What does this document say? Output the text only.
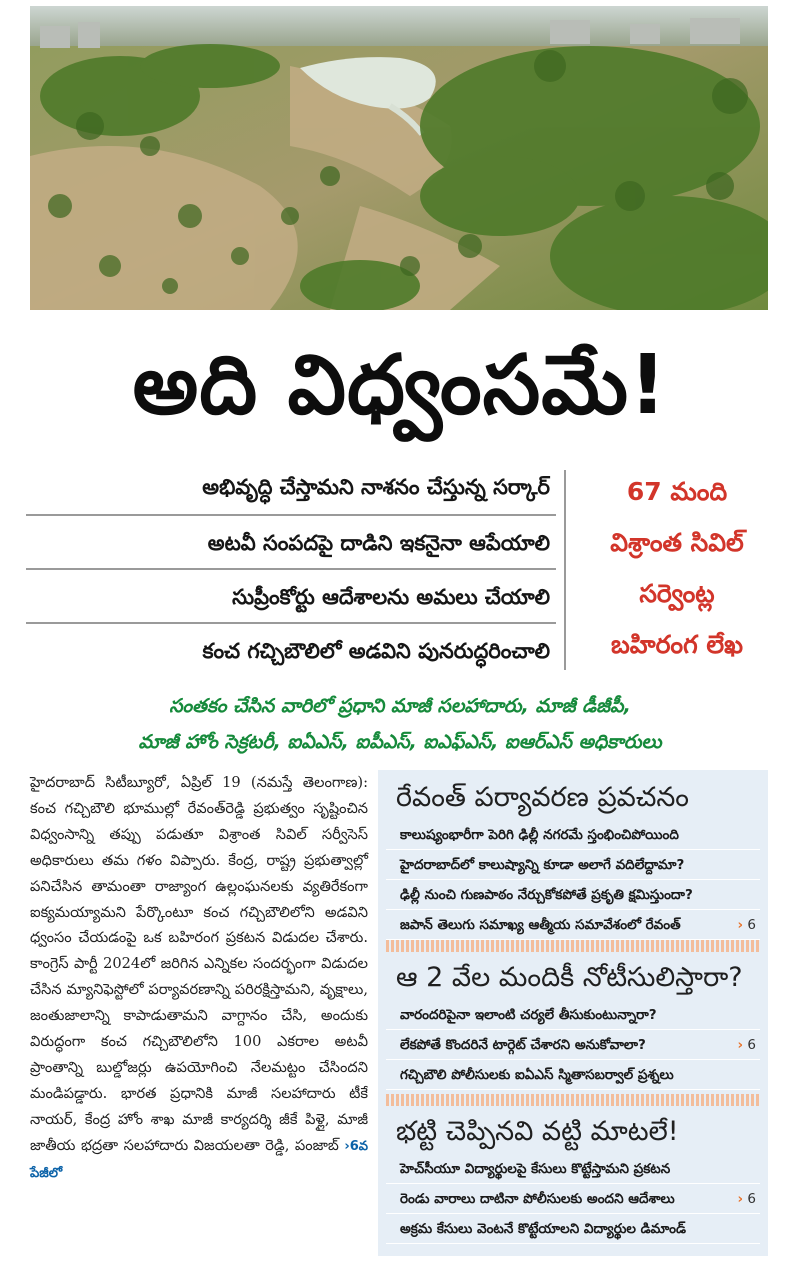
అది విధ్వంసమే!
అభివృద్ధి చేస్తామని నాశనం చేస్తున్న సర్కార్
అటవీ సంపదపై దాడిని ఇకనైనా ఆపేయాలి
సుప్రీంకోర్టు ఆదేశాలను అమలు చేయాలి
కంచ గచ్చిబౌలిలో అడవిని పునరుద్ధరించాలి
67 మంది
విశ్రాంత సివిల్
సర్వెంట్ల
బహిరంగ లేఖ
సంతకం చేసిన వారిలో ప్రధాని మాజీ సలహాదారు, మాజీ డీజీపీ,
మాజీ హోం సెక్రటరీ, ఐఏఎస్, ఐపీఎస్, ఐఎఫ్ఎస్, ఐఆర్ఎస్ అధికారులు

హైదరాబాద్ సిటీబ్యూరో, ఏప్రిల్ 19 (నమస్తే తెలంగాణ): కంచ గచ్చిబౌలి భూముల్లో రేవంత్‌రెడ్డి ప్రభుత్వం సృష్టించిన విధ్వంసాన్ని తప్పు పడుతూ విశ్రాంత సివిల్ సర్వీసెస్ అధికారులు తమ గళం విప్పారు. కేంద్ర, రాష్ట్ర ప్రభుత్వాల్లో పనిచేసిన తామంతా రాజ్యాంగ ఉల్లంఘనలకు వ్యతిరేకంగా ఐక్యమయ్యామని పేర్కొంటూ కంచ గచ్చిబౌలిలోని అడవిని ధ్వంసం చేయడంపై ఒక బహిరంగ ప్రకటన విడుదల చేశారు. కాంగ్రెస్ పార్టీ 2024లో జరిగిన ఎన్నికల సందర్భంగా విడుదల చేసిన మ్యానిఫెస్టోలో పర్యావరణాన్ని పరిరక్షిస్తామని, వృక్షాలు, జంతుజాలాన్ని కాపాడుతామని వాగ్దానం చేసి, అందుకు విరుద్ధంగా కంచ గచ్చిబౌలిలోని 100 ఎకరాల అటవీ ప్రాంతాన్ని బుల్డోజర్లు ఉపయోగించి నేలమట్టం చేసిందని మండిపడ్డారు. భారత ప్రధానికి మాజీ సలహాదారు టీకే నాయర్, కేంద్ర హోం శాఖ మాజీ కార్యదర్శి జీకే పిళ్లై, మాజీ జాతీయ భద్రతా సలహాదారు విజయలతా రెడ్డి, పంజాబ్ ›6వ పేజీలో

రేవంత్ పర్యావరణ ప్రవచనం
కాలుష్యంభారీగా పెరిగి ఢిల్లీ నగరమే స్తంభించిపోయింది
హైదరాబాద్‌లో కాలుష్యాన్ని కూడా అలాగే వదిలేద్దామా?
ఢిల్లీ నుంచి గుణపాఠం నేర్చుకోకపోతే ప్రకృతి క్షమిస్తుందా?
జపాన్ తెలుగు సమాఖ్య ఆత్మీయ సమావేశంలో రేవంత్	› 6
ఆ 2 వేల మందికీ నోటీసులిస్తారా?
వారందరిపైనా ఇలాంటి చర్యలే తీసుకుంటున్నారా?
లేకపోతే కొందరినే టార్గెట్ చేశారని అనుకోవాలా?	› 6
గచ్చిబౌలి పోలీసులకు ఐఏఎస్ స్మితాసబర్వాల్ ప్రశ్నలు
భట్టి చెప్పినవి వట్టి మాటలే!
హెచ్‌సీయూ విద్యార్థులపై కేసులు కొట్టేస్తామని ప్రకటన
రెండు వారాలు దాటినా పోలీసులకు అందని ఆదేశాలు	› 6
అక్రమ కేసులు వెంటనే కొట్టేయాలని విద్యార్థుల డిమాండ్
